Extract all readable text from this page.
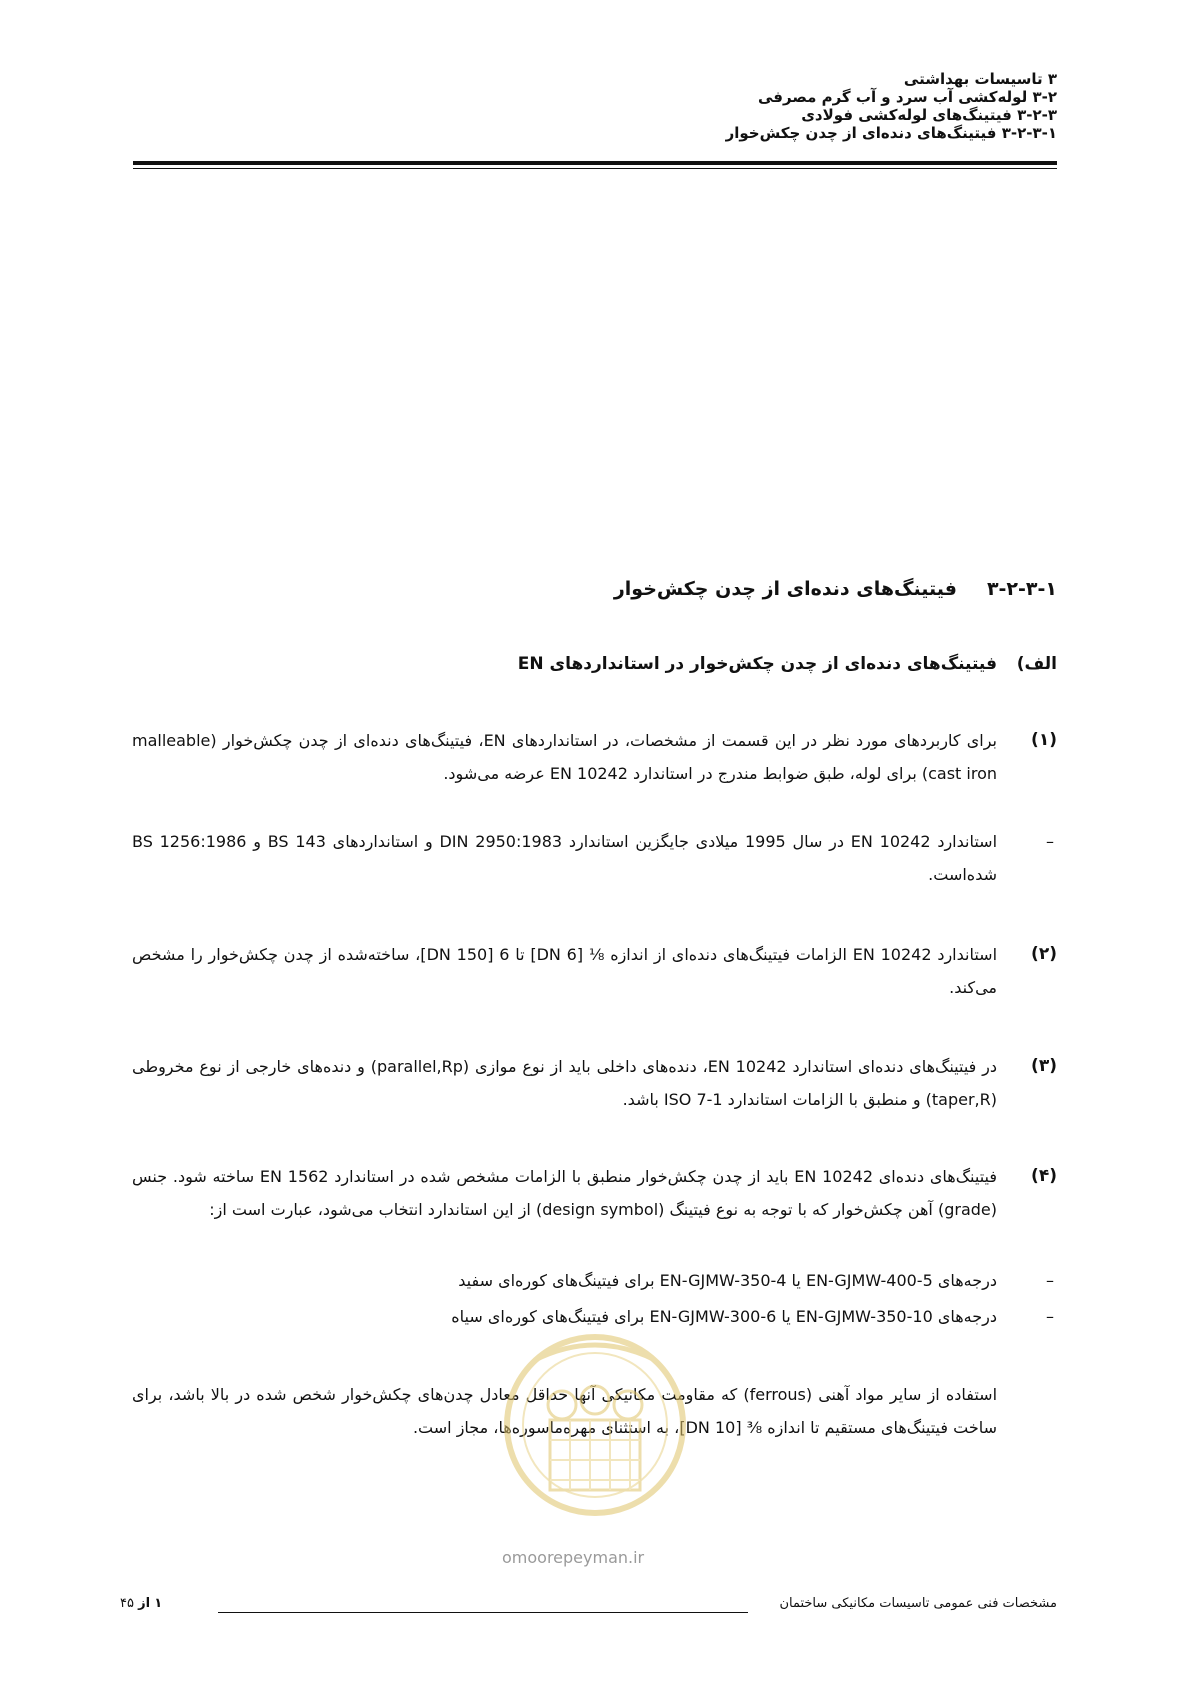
۳ تاسیسات بهداشتی

۳-۲ لوله‌کشی آب سرد و آب گرم مصرفی

۳-۲-۳ فیتینگ‌های لوله‌کشی فولادی

۳-۲-۳-۱ فیتینگ‌های دنده‌ای از چدن چکش‌خوار

۳-۲-۳-۱فیتینگ‌های دنده‌ای از چدن چکش‌خوار
الف)فیتینگ‌های دنده‌ای از چدن چکش‌خوار در استانداردهای EN
(۱)
برای کاربردهای مورد نظر در این قسمت از مشخصات، در استانداردهای EN، فیتینگ‌های دنده‌ای از چدن چکش‌خوار (malleable cast iron) برای لوله، طبق ضوابط مندرج در استاندارد EN 10242 عرضه می‌شود.
–
استاندارد EN 10242 در سال 1995 میلادی جایگزین استاندارد DIN 2950:1983 و استانداردهای BS 143 و BS 1256:1986 شده‌است.
(۲)
استاندارد EN 10242 الزامات فیتینگ‌های دنده‌ای از اندازه ⅛ [DN 6] تا 6 [DN 150]، ساخته‌شده از چدن چکش‌خوار را مشخص می‌کند.
(۳)
در فیتینگ‌های دنده‌ای استاندارد EN 10242، دنده‌های داخلی باید از نوع موازی (parallel,Rp) و دنده‌های خارجی از نوع مخروطی (taper,R) و منطبق با الزامات استاندارد ISO 7-1 باشد.
(۴)
فیتینگ‌های دنده‌ای EN 10242 باید از چدن چکش‌خوار منطبق با الزامات مشخص شده در استاندارد EN 1562 ساخته شود. جنس (grade) آهن چکش‌خوار که با توجه به نوع فیتینگ (design symbol) از این استاندارد انتخاب می‌شود، عبارت است از:
–
درجه‌های EN-GJMW-400-5 یا EN-GJMW-350-4 برای فیتینگ‌های کوره‌ای سفید
–
درجه‌های EN-GJMW-350-10 یا EN-GJMW-300-6 برای فیتینگ‌های کوره‌ای سیاه
استفاده از سایر مواد آهنی (ferrous) که مقاومت مکانیکی آنها حداقل معادل چدن‌های چکش‌خوار شخص شده در بالا باشد، برای ساخت فیتینگ‌های مستقیم تا اندازه ⅜ [DN 10]، به استثنای مهره‌ماسوره‌ها، مجاز است.
omoorepeyman.ir
۱ از ۴۵	مشخصات فنی عمومی تاسیسات مکانیکی ساختمان
